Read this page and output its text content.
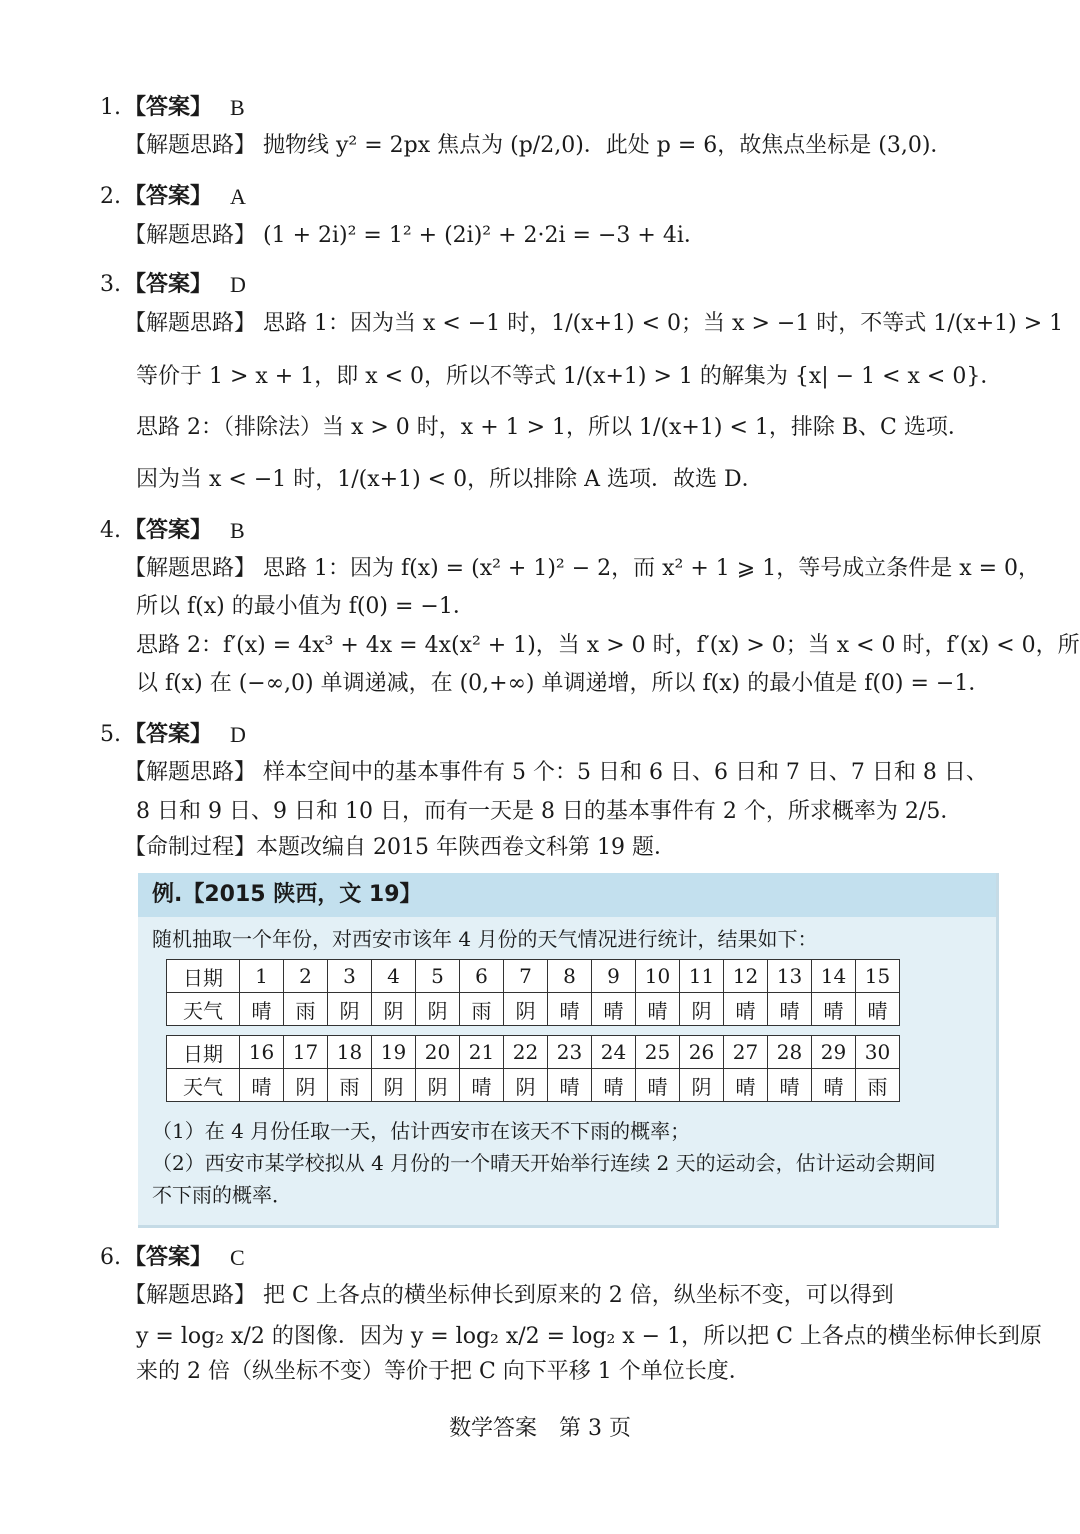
1. 【答案】 B
【解题思路】 抛物线 y² = 2px 焦点为 (p/2,0)．此处 p = 6，故焦点坐标是 (3,0)．
2. 【答案】 A
【解题思路】 (1 + 2i)² = 1² + (2i)² + 2·2i = −3 + 4i．
3. 【答案】 D
【解题思路】 思路 1：因为当 x < −1 时，1/(x+1) < 0；当 x > −1 时，不等式 1/(x+1) > 1
等价于 1 > x + 1，即 x < 0，所以不等式 1/(x+1) > 1 的解集为 {x| − 1 < x < 0}．
思路 2：（排除法）当 x > 0 时，x + 1 > 1，所以 1/(x+1) < 1，排除 B、C 选项．
因为当 x < −1 时，1/(x+1) < 0，所以排除 A 选项．故选 D．
4. 【答案】 B
【解题思路】 思路 1：因为 f(x) = (x² + 1)² − 2，而 x² + 1 ⩾ 1，等号成立条件是 x = 0，
所以 f(x) 的最小值为 f(0) = −1．
思路 2：f′(x) = 4x³ + 4x = 4x(x² + 1)，当 x > 0 时，f′(x) > 0；当 x < 0 时，f′(x) < 0，所
以 f(x) 在 (−∞,0) 单调递减，在 (0,+∞) 单调递增，所以 f(x) 的最小值是 f(0) = −1．
5. 【答案】 D
【解题思路】 样本空间中的基本事件有 5 个：5 日和 6 日、6 日和 7 日、7 日和 8 日、
8 日和 9 日、9 日和 10 日，而有一天是 8 日的基本事件有 2 个，所求概率为 2/5．
【命制过程】本题改编自 2015 年陕西卷文科第 19 题．
例.【2015 陕西，文 19】
随机抽取一个年份，对西安市该年 4 月份的天气情况进行统计，结果如下：
日期	1	2	3	4	5	6	7	8	9	10	11	12	13	14	15
天气	晴	雨	阴	阴	阴	雨	阴	晴	晴	晴	阴	晴	晴	晴	晴
日期	16	17	18	19	20	21	22	23	24	25	26	27	28	29	30
天气	晴	阴	雨	阴	阴	晴	阴	晴	晴	晴	阴	晴	晴	晴	雨
（1）在 4 月份任取一天，估计西安市在该天不下雨的概率；
（2）西安市某学校拟从 4 月份的一个晴天开始举行连续 2 天的运动会，估计运动会期间
不下雨的概率．
6. 【答案】 C
【解题思路】 把 C 上各点的横坐标伸长到原来的 2 倍，纵坐标不变，可以得到
y = log₂ x/2 的图像．因为 y = log₂ x/2 = log₂ x − 1，所以把 C 上各点的横坐标伸长到原
来的 2 倍（纵坐标不变）等价于把 C 向下平移 1 个单位长度．
数学答案　第 3 页
